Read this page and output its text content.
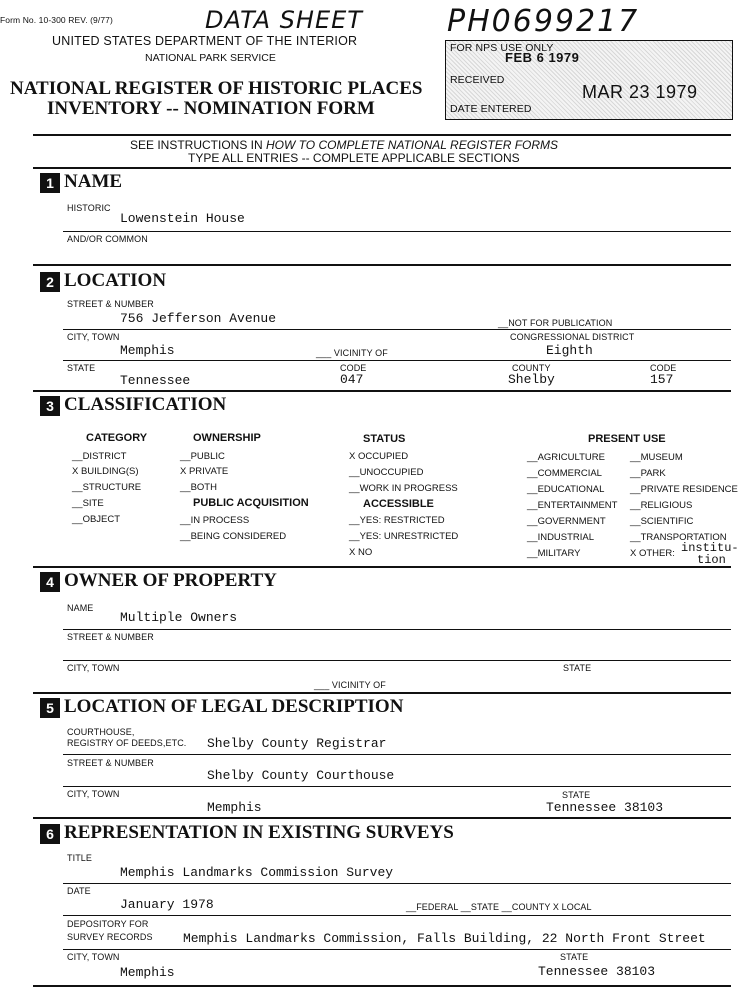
Form No. 10-300 REV. (9/77)	DATA SHEET
UNITED STATES DEPARTMENT OF THE INTERIOR
NATIONAL PARK SERVICE
NATIONAL REGISTER OF HISTORIC PLACES
INVENTORY -- NOMINATION FORM
PH0699217
FOR NPS USE ONLY
FEB 6 1979
RECEIVED
MAR 23 1979
DATE ENTERED
SEE INSTRUCTIONS IN HOW TO COMPLETE NATIONAL REGISTER FORMS
TYPE ALL ENTRIES -- COMPLETE APPLICABLE SECTIONS
1 NAME
HISTORIC
Lowenstein House
AND/OR COMMON
2 LOCATION
STREET & NUMBER
756 Jefferson Avenue	__NOT FOR PUBLICATION
CITY, TOWN	CONGRESSIONAL DISTRICT
Memphis	___ VICINITY OF	Eighth
STATE	CODE	COUNTY	CODE
Tennessee	047	Shelby	157
3 CLASSIFICATION
CATEGORY
__DISTRICT
X BUILDING(S)
__STRUCTURE
__SITE
__OBJECT
OWNERSHIP
__PUBLIC
X PRIVATE
__BOTH
PUBLIC ACQUISITION
__IN PROCESS
__BEING CONSIDERED
STATUS
X OCCUPIED
__UNOCCUPIED
__WORK IN PROGRESS
ACCESSIBLE
__YES: RESTRICTED
__YES: UNRESTRICTED
X NO
PRESENT USE
__AGRICULTURE
__COMMERCIAL
__EDUCATIONAL
__ENTERTAINMENT
__GOVERNMENT
__INDUSTRIAL
__MILITARY
__MUSEUM
__PARK
__PRIVATE RESIDENCE
__RELIGIOUS
__SCIENTIFIC
__TRANSPORTATION
X OTHER: institu-
tion
4 OWNER OF PROPERTY
NAME
Multiple Owners
STREET & NUMBER
CITY, TOWN	STATE
___ VICINITY OF
5 LOCATION OF LEGAL DESCRIPTION
COURTHOUSE,
REGISTRY OF DEEDS,ETC. Shelby County Registrar
STREET & NUMBER
Shelby County Courthouse
CITY, TOWN	STATE
Memphis	Tennessee 38103
6 REPRESENTATION IN EXISTING SURVEYS
TITLE
Memphis Landmarks Commission Survey
DATE
January 1978	__FEDERAL __STATE __COUNTY X LOCAL
DEPOSITORY FOR
SURVEY RECORDS Memphis Landmarks Commission, Falls Building, 22 North Front Street
CITY, TOWN	STATE
Memphis	Tennessee 38103
